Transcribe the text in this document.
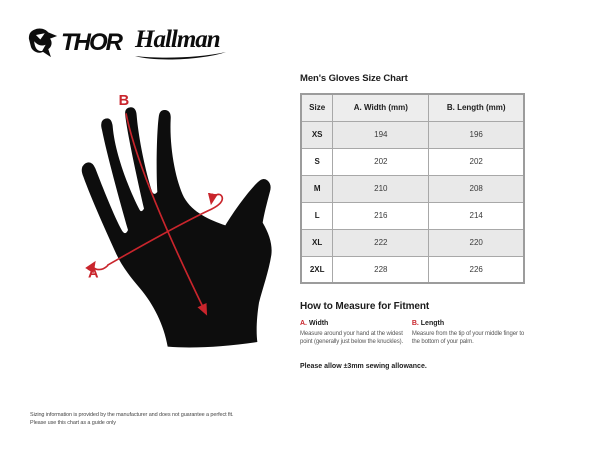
THOR Hallman
B
A
Men's Gloves Size Chart
Size	A. Width (mm)	B. Length (mm)
XS	194	196
S	202	202
M	210	208
L	216	214
XL	222	220
2XL	228	226
How to Measure for Fitment
A. Width
Measure around your hand at the widest point (generally just below the knuckles).
B. Length
Measure from the tip of your middle finger to the bottom of your palm.
Please allow ±3mm sewing allowance.
Sizing information is provided by the manufacturer and does not guarantee a perfect fit.
Please use this chart as a guide only
